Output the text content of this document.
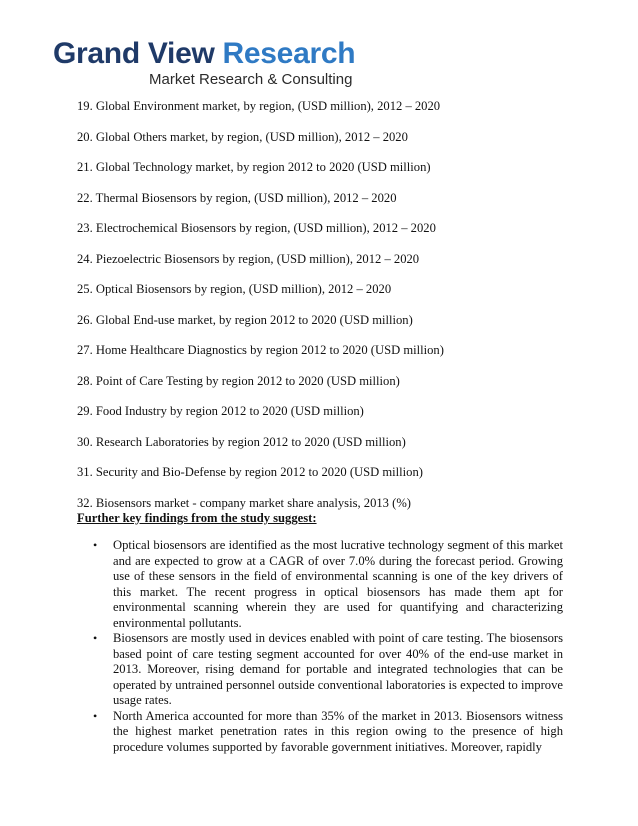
Grand View Research
Market Research & Consulting
19. Global Environment market, by region, (USD million), 2012 – 2020
20. Global Others market, by region, (USD million), 2012 – 2020
21. Global Technology market, by region 2012 to 2020 (USD million)
22. Thermal Biosensors by region, (USD million), 2012 – 2020
23. Electrochemical Biosensors by region, (USD million), 2012 – 2020
24. Piezoelectric Biosensors by region, (USD million), 2012 – 2020
25. Optical Biosensors by region, (USD million), 2012 – 2020
26. Global End-use market, by region 2012 to 2020 (USD million)
27. Home Healthcare Diagnostics by region 2012 to 2020 (USD million)
28. Point of Care Testing by region 2012 to 2020 (USD million)
29. Food Industry by region 2012 to 2020 (USD million)
30. Research Laboratories by region 2012 to 2020 (USD million)
31. Security and Bio-Defense by region 2012 to 2020 (USD million)
32. Biosensors market - company market share analysis, 2013 (%)
Further key findings from the study suggest:
• Optical biosensors are identified as the most lucrative technology segment of this market and are expected to grow at a CAGR of over 7.0% during the forecast period. Growing use of these sensors in the field of environmental scanning is one of the key drivers of this market. The recent progress in optical biosensors has made them apt for environmental scanning wherein they are used for quantifying and characterizing environmental pollutants.
• Biosensors are mostly used in devices enabled with point of care testing. The biosensors based point of care testing segment accounted for over 40% of the end-use market in 2013. Moreover, rising demand for portable and integrated technologies that can be operated by untrained personnel outside conventional laboratories is expected to improve usage rates.
• North America accounted for more than 35% of the market in 2013. Biosensors witness the highest market penetration rates in this region owing to the presence of high procedure volumes supported by favorable government initiatives. Moreover, rapidly
